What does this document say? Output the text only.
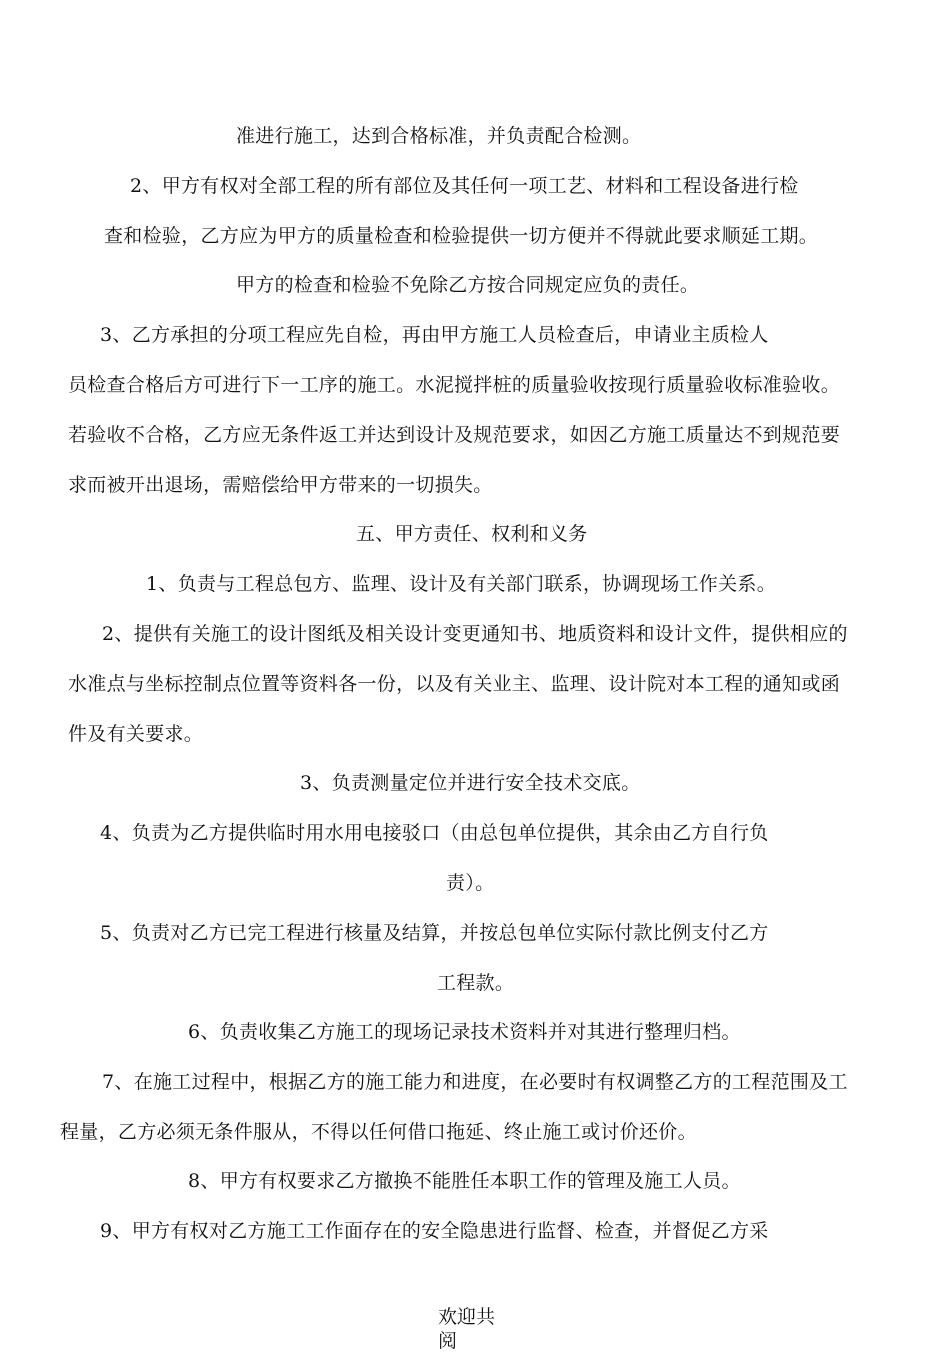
准进行施工，达到合格标准，并负责配合检测。
2、甲方有权对全部工程的所有部位及其任何一项工艺、材料和工程设备进行检
查和检验，乙方应为甲方的质量检查和检验提供一切方便并不得就此要求顺延工期。
甲方的检查和检验不免除乙方按合同规定应负的责任。
3、乙方承担的分项工程应先自检，再由甲方施工人员检查后，申请业主质检人
员检查合格后方可进行下一工序的施工。水泥搅拌桩的质量验收按现行质量验收标准验收。
若验收不合格，乙方应无条件返工并达到设计及规范要求，如因乙方施工质量达不到规范要
求而被开出退场，需赔偿给甲方带来的一切损失。
五、甲方责任、权利和义务
1、负责与工程总包方、监理、设计及有关部门联系，协调现场工作关系。
2、提供有关施工的设计图纸及相关设计变更通知书、地质资料和设计文件，提供相应的
水准点与坐标控制点位置等资料各一份，以及有关业主、监理、设计院对本工程的通知或函
件及有关要求。
3、负责测量定位并进行安全技术交底。
4、负责为乙方提供临时用水用电接驳口（由总包单位提供，其余由乙方自行负
责）。
5、负责对乙方已完工程进行核量及结算，并按总包单位实际付款比例支付乙方
工程款。
6、负责收集乙方施工的现场记录技术资料并对其进行整理归档。
7、在施工过程中，根据乙方的施工能力和进度，在必要时有权调整乙方的工程范围及工
程量，乙方必须无条件服从，不得以任何借口拖延、终止施工或讨价还价。
8、甲方有权要求乙方撤换不能胜任本职工作的管理及施工人员。
9、甲方有权对乙方施工工作面存在的安全隐患进行监督、检查，并督促乙方采
欢迎共
阅
